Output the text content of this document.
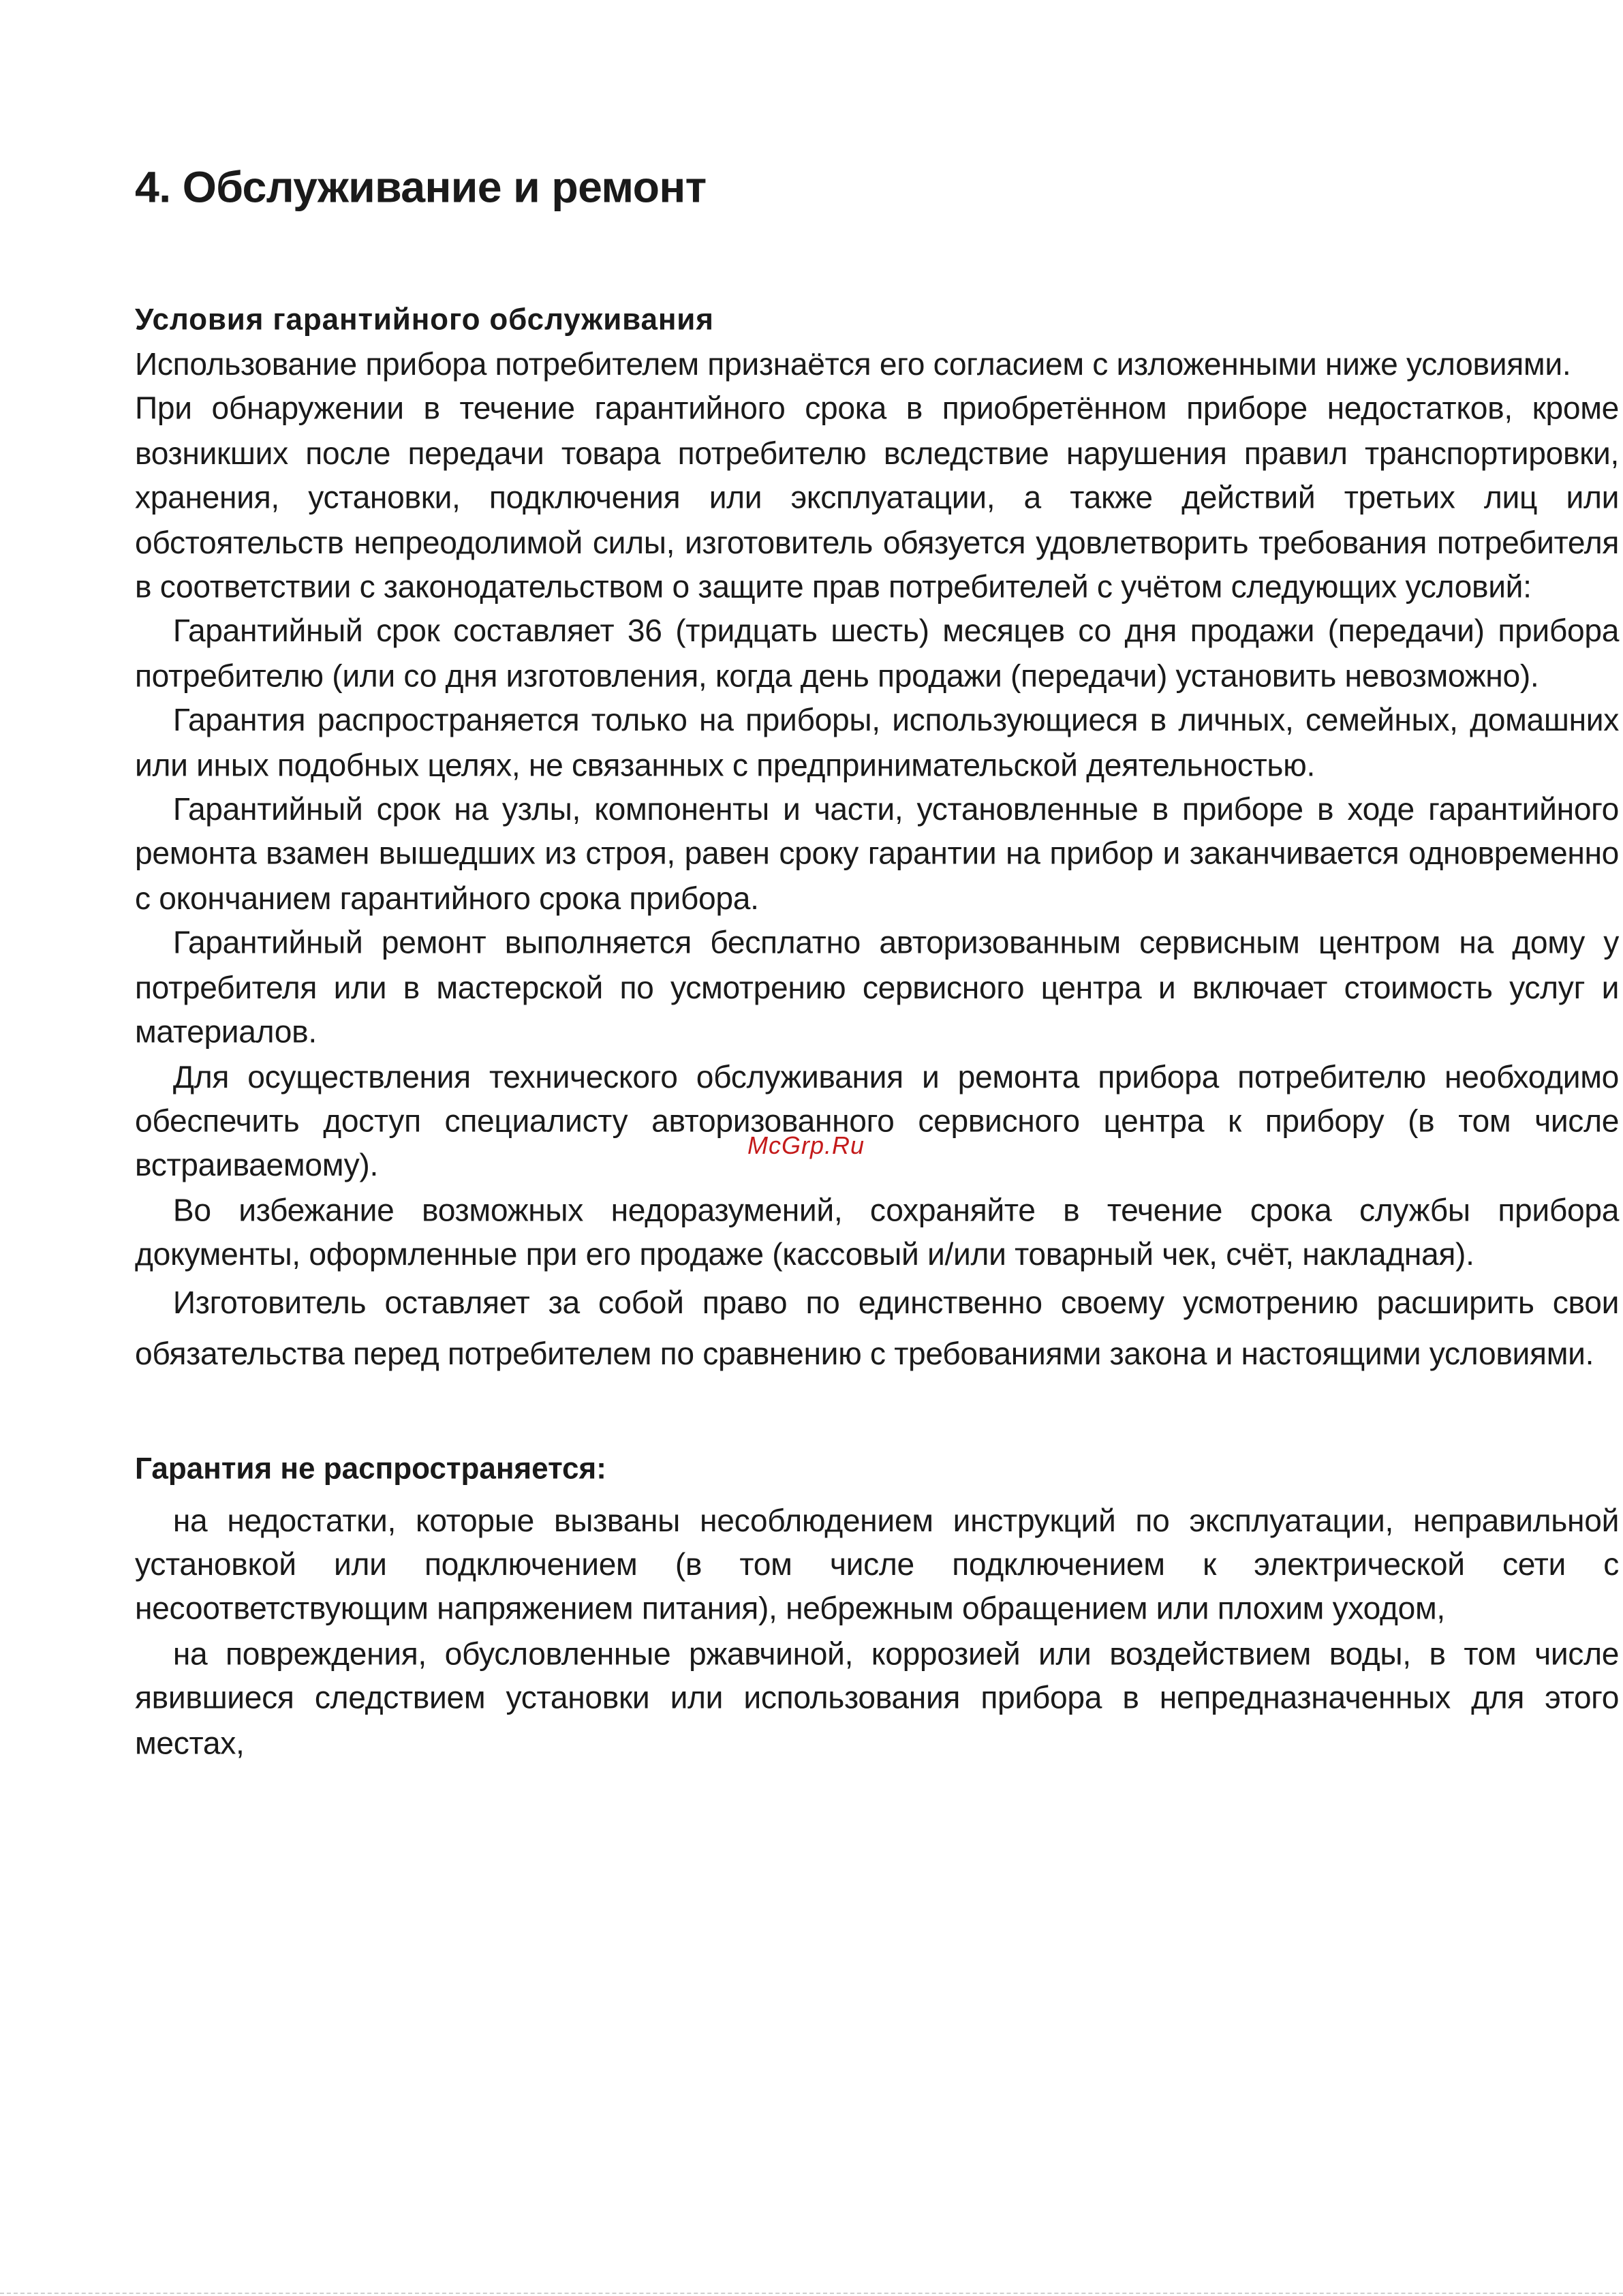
4. Обслуживание и ремонт
Условия гарантийного обслуживания

Использование прибора потребителем признаётся его согласием с изложенными ниже условиями.

При обнаружении в течение гарантийного срока в приобретённом приборе недостатков, кроме возникших после передачи товара потребителю вследствие нарушения правил транспортировки, хранения, установки, подключения или эксплуатации, а также действий третьих лиц или обстоятельств непреодолимой силы, изготовитель обязуется удовлетворить требования потребителя в соответствии с законодательством о защите прав потребителей с учётом следующих условий:

Гарантийный срок составляет 36 (тридцать шесть) месяцев со дня продажи (передачи) прибора потребителю (или со дня изготовления, когда день продажи (передачи) установить невозможно).

Гарантия распространяется только на приборы, использующиеся в личных, семейных, домашних или иных подобных целях, не связанных с предпринимательской деятельностью.

Гарантийный срок на узлы, компоненты и части, установленные в приборе в ходе гарантийного ремонта взамен вышедших из строя, равен сроку гарантии на прибор и заканчивается одновременно с окончанием гарантийного срока прибора.

Гарантийный ремонт выполняется бесплатно авторизованным сервисным центром на дому у потребителя или в мастерской по усмотрению сервисного центра и включает стоимость услуг и материалов.

Для осуществления технического обслуживания и ремонта прибора потребителю необходимо обеспечить доступ специалисту авторизованного сервисного центра к прибору (в том числе встраиваемому).

Во избежание возможных недоразумений, сохраняйте в течение срока службы прибора документы, оформленные при его продаже (кассовый и/или товарный чек, счёт, накладная).

Изготовитель оставляет за собой право по единственно своему усмотрению расширить свои обязательства перед потребителем по сравнению с требованиями закона и настоящими условиями.

Гарантия не распространяется:

на недостатки, которые вызваны несоблюдением инструкций по эксплуатации, неправильной установкой или подключением (в том числе подключением к электрической сети с несоответствующим напряжением питания), небрежным обращением или плохим уходом,

на повреждения, обусловленные ржавчиной, коррозией или воздействием воды, в том числе явившиеся следствием установки или использования прибора в непредназначенных для этого местах,

McGrp.Ru
